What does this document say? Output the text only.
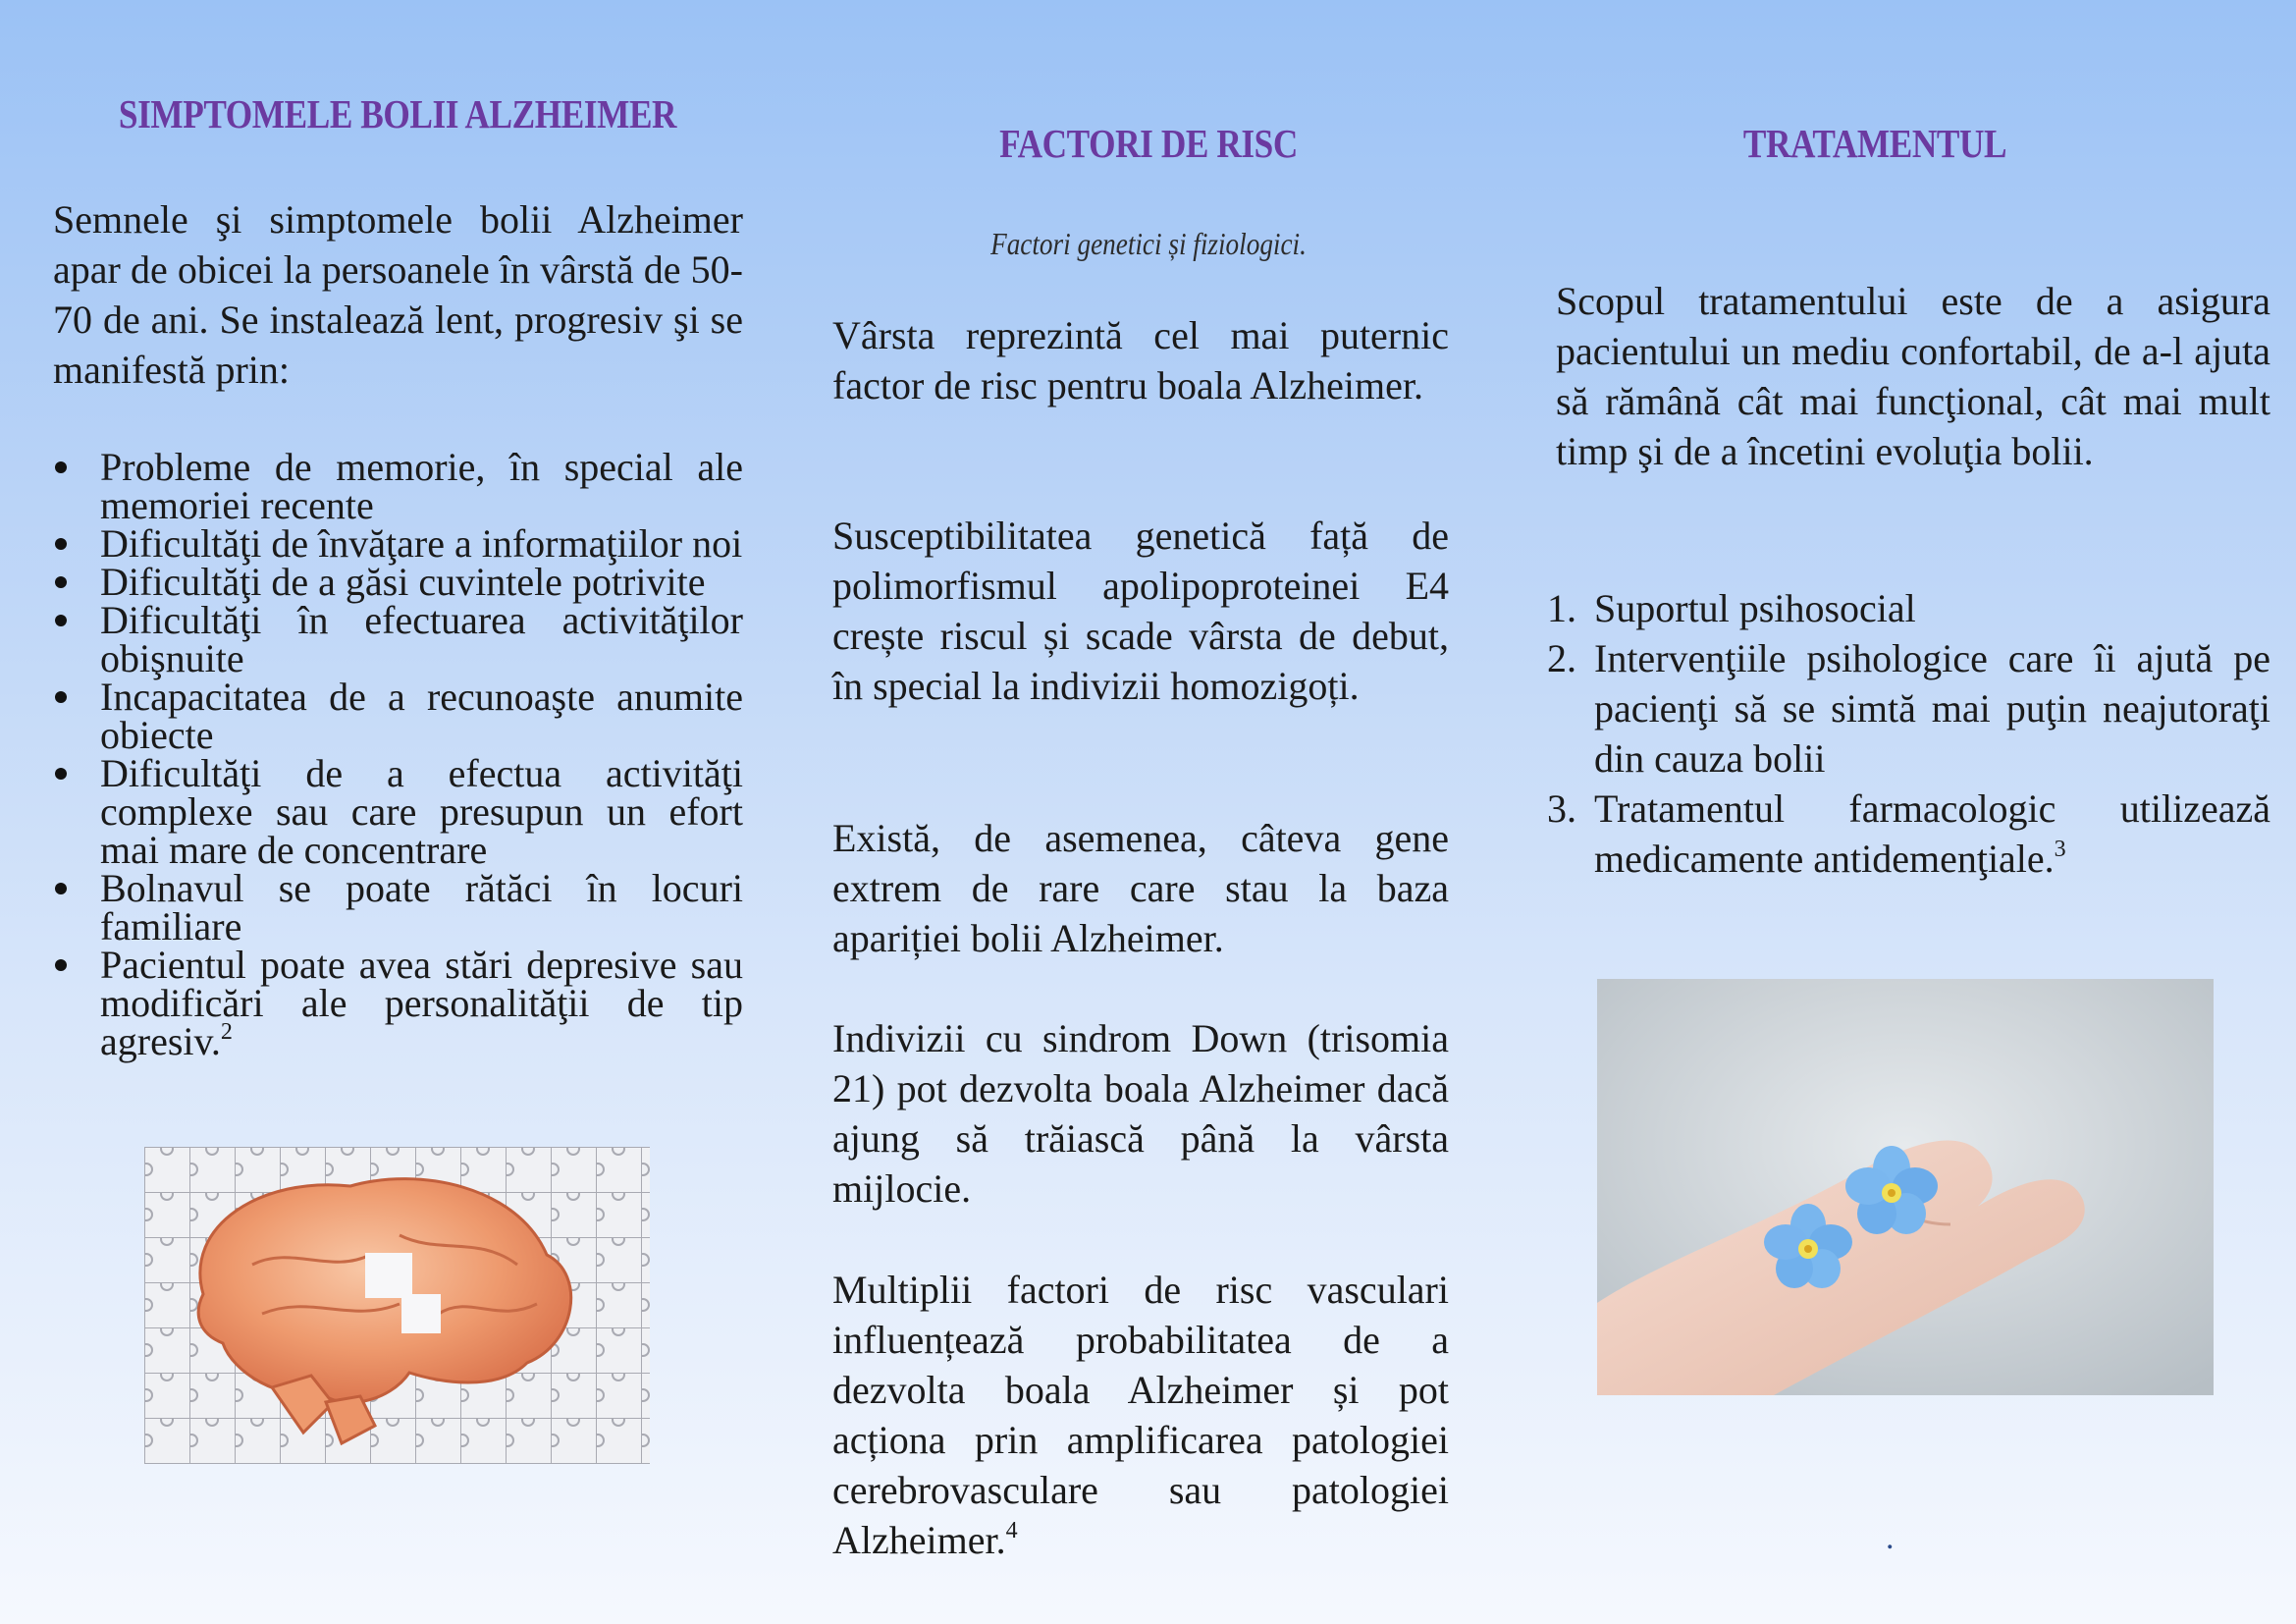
SIMPTOMELE BOLII ALZHEIMER
Semnele şi simptomele bolii Alzheimer apar de obicei la persoanele în vârstă de 50-70 de ani. Se instalează lent, progresiv şi se manifestă prin:
Probleme de memorie, în special ale memoriei recente
Dificultăţi de învăţare a informaţiilor noi
Dificultăţi de a găsi cuvintele potrivite
Dificultăţi în efectuarea activităţilor obişnuite
Incapacitatea de a recunoaşte anumite obiecte
Dificultăţi de a efectua activităţi complexe sau care presupun un efort mai mare de concentrare
Bolnavul se poate rătăci în locuri familiare
Pacientul poate avea stări depresive sau modificări ale personalităţii de tip agresiv.$^2$
FACTORI DE RISC
Factori genetici și fiziologici.
Vârsta reprezintă cel mai puternic factor de risc pentru boala Alzheimer.
Susceptibilitatea genetică față de polimorfismul apolipoproteinei E4 crește riscul și scade vârsta de debut, în special la indivizii homozigoți.
Există, de asemenea, câteva gene extrem de rare care stau la baza apariției bolii Alzheimer.
Indivizii cu sindrom Down (trisomia 21) pot dezvolta boala Alzheimer dacă ajung să trăiască până la vârsta mijlocie.
Multiplii factori de risc vasculari influențează probabilitatea de a dezvolta boala Alzheimer și pot acționa prin amplificarea patologiei cerebrovasculare sau patologiei Alzheimer.$^4$
TRATAMENTUL
Scopul tratamentului este de a asigura pacientului un mediu confortabil, de a-l ajuta să rămână cât mai funcţional, cât mai mult timp şi de a încetini evoluţia bolii.
1. Suportul psihosocial
2. Intervenţiile psihologice care îi ajută pe pacienţi să se simtă mai puţin neajutoraţi din cauza bolii
3. Tratamentul farmacologic utilizează medicamente antidemenţiale.$^3$
.
